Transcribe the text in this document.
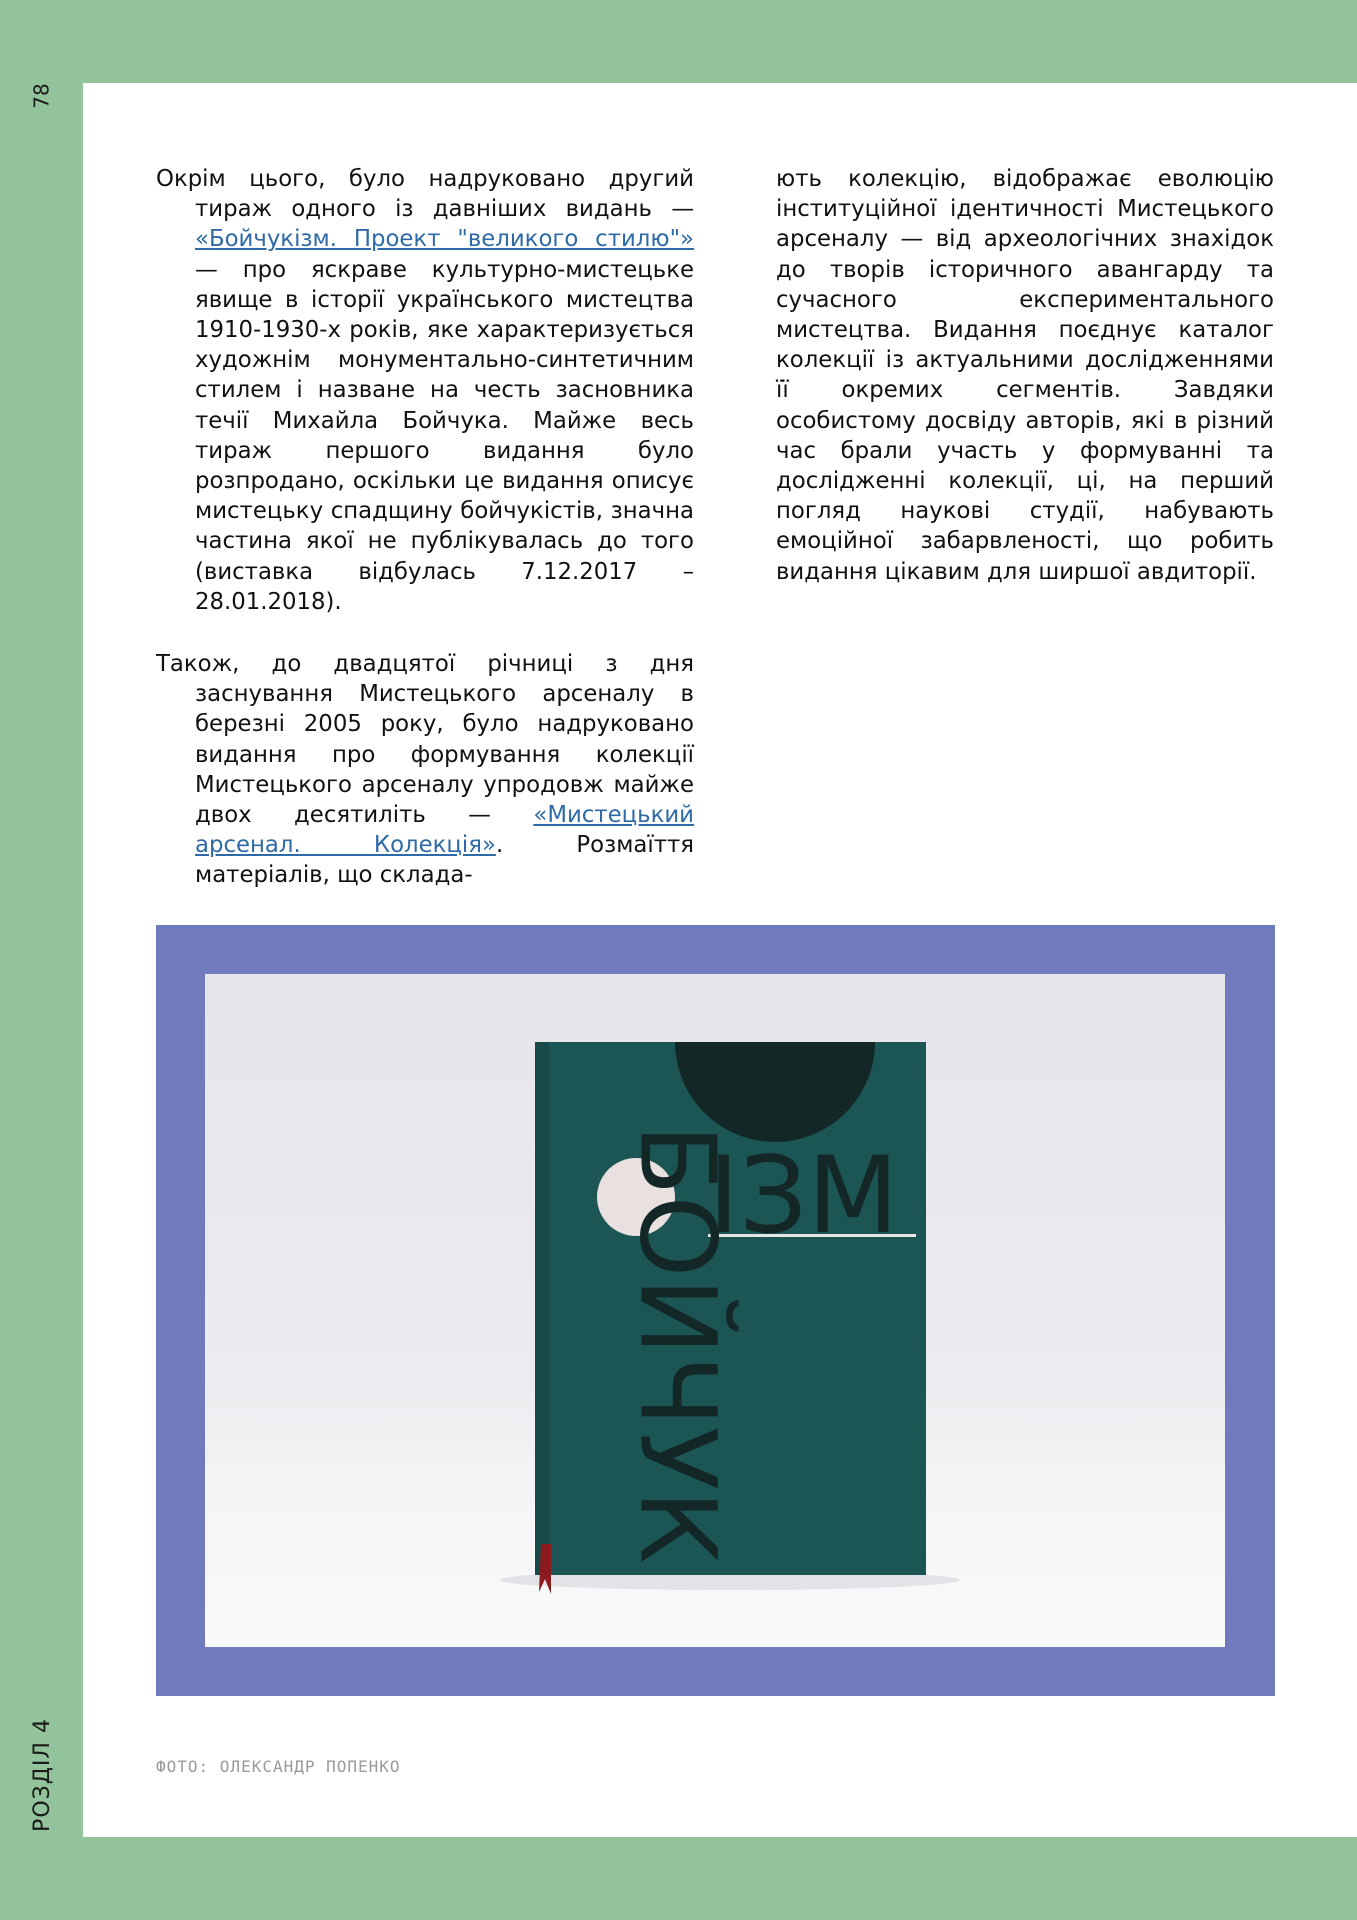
78
РОЗДІЛ 4

Окрім цього, було надруковано другий тираж одного із давніших видань — «Бойчукізм. Проект "великого стилю"» — про яскраве культурно-мистецьке явище в історії українського мистецтва 1910-1930-х років, яке характеризується художнім монументально-синтетичним стилем і назване на честь засновника течії Михайла Бойчука. Майже весь тираж першого видання було розпродано, оскільки це видання описує мистецьку спадщину бойчукістів, значна частина якої не публікувалась до того (виставка відбулась 7.12.2017 – 28.01.2018).

Також, до двадцятої річниці з дня заснування Мистецького арсеналу в березні 2005 року, було надруковано видання про формування колекції Мистецького арсеналу упродовж майже двох десятиліть — «Мистецький арсенал. Колекція». Розмаїття матеріалів, що склада-

ють колекцію, відображає еволюцію інституційної ідентичності Мистецького арсеналу — від археологічних знахідок до творів історичного авангарду та сучасного експериментального мистецтва. Видання поєднує каталог колекції із актуальними дослідженнями її окремих сегментів. Завдяки особистому досвіду авторів, які в різний час брали участь у формуванні та дослідженні колекції, ці, на перший погляд наукові студії, набувають емоційної забарвленості, що робить видання цікавим для ширшої авдиторії.

ІЗМ
БОЙЧУК
ФОТО: ОЛЕКСАНДР ПОПЕНКО
